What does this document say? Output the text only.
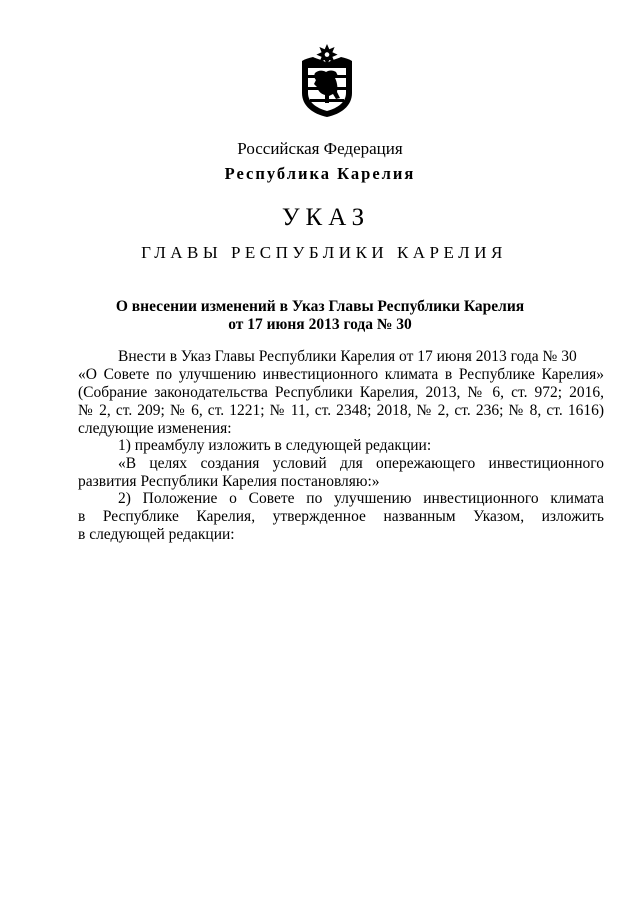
Российская Федерация
Республика Карелия
УКАЗ
ГЛАВЫ РЕСПУБЛИКИ КАРЕЛИЯ
О внесении изменений в Указ Главы Республики Карелия
от 17 июня 2013 года № 30
Внести в Указ Главы Республики Карелия от 17 июня 2013 года № 30
«О Совете по улучшению инвестиционного климата в Республике Карелия»
(Собрание законодательства Республики Карелия, 2013, № 6, ст. 972; 2016,
№ 2, ст. 209; № 6, ст. 1221; № 11, ст. 2348; 2018, № 2, ст. 236; № 8, ст. 1616)
следующие изменения:
1) преамбулу изложить в следующей редакции:
«В целях создания условий для опережающего инвестиционного
развития Республики Карелия постановляю:»
2) Положение о Совете по улучшению инвестиционного климата
в Республике Карелия, утвержденное названным Указом, изложить
в следующей редакции:
